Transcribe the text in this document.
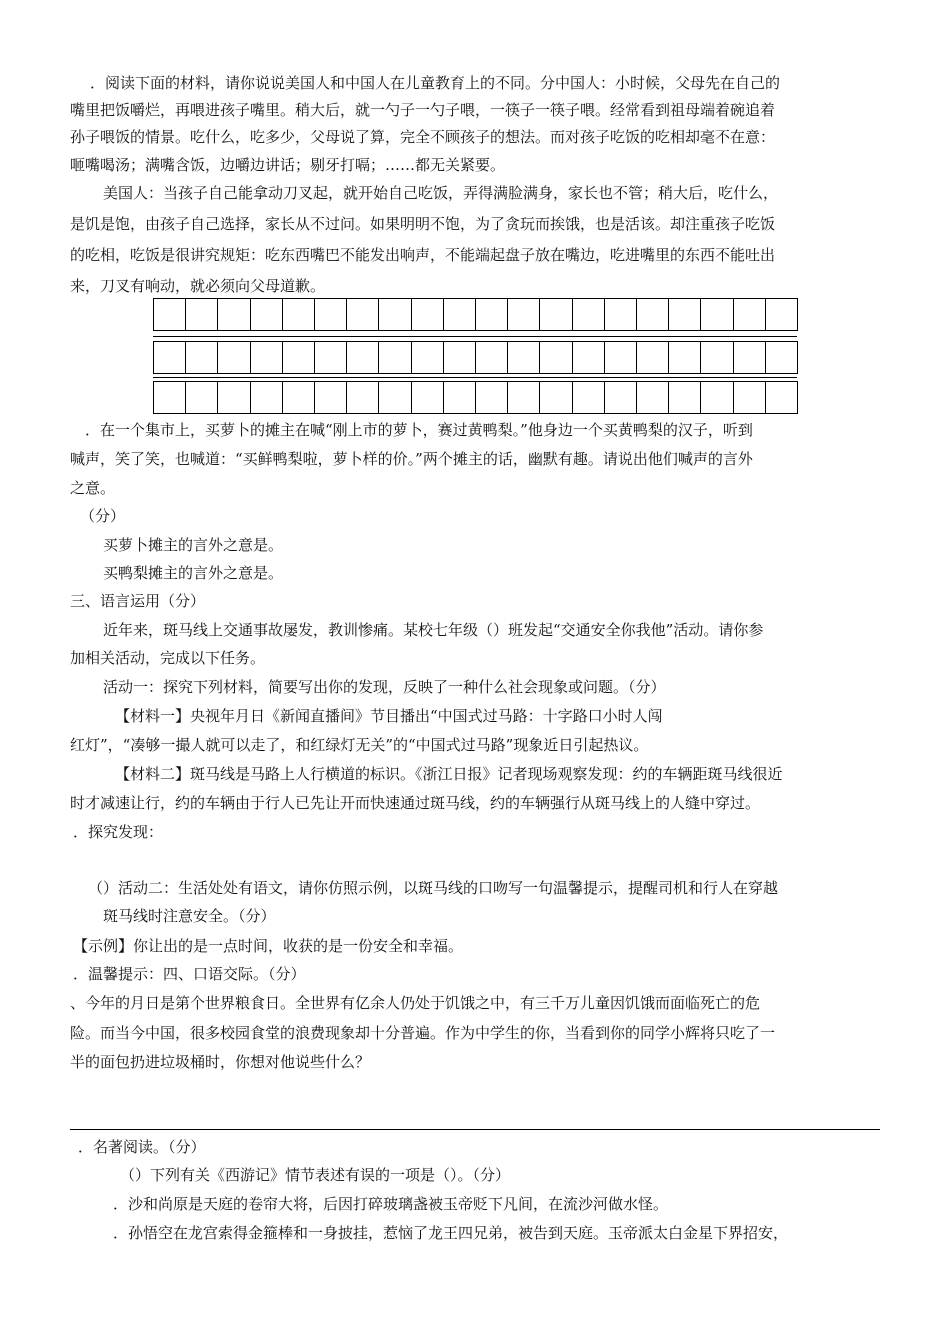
．阅读下面的材料，请你说说美国人和中国人在儿童教育上的不同。分中国人：小时候，父母先在自己的
嘴里把饭嚼烂，再喂进孩子嘴里。稍大后，就一勺子一勺子喂，一筷子一筷子喂。经常看到祖母端着碗追着
孙子喂饭的情景。吃什么，吃多少，父母说了算，完全不顾孩子的想法。而对孩子吃饭的吃相却毫不在意：
咂嘴喝汤；满嘴含饭，边嚼边讲话；剔牙打嗝；……都无关紧要。
美国人：当孩子自己能拿动刀叉起，就开始自己吃饭，弄得满脸满身，家长也不管；稍大后，吃什么，
是饥是饱，由孩子自己选择，家长从不过问。如果明明不饱，为了贪玩而挨饿，也是活该。却注重孩子吃饭
的吃相，吃饭是很讲究规矩：吃东西嘴巴不能发出响声，不能端起盘子放在嘴边，吃进嘴里的东西不能吐出
来，刀叉有响动，就必须向父母道歉。
．在一个集市上，买萝卜的摊主在喊“刚上市的萝卜，赛过黄鸭梨。”他身边一个买黄鸭梨的汉子，听到
喊声，笑了笑，也喊道：“买鲜鸭梨啦，萝卜样的价。”两个摊主的话，幽默有趣。请说出他们喊声的言外
之意。
（分）
买萝卜摊主的言外之意是。
买鸭梨摊主的言外之意是。
三、语言运用（分）
近年来，斑马线上交通事故屡发，教训惨痛。某校七年级（）班发起“交通安全你我他”活动。请你参
加相关活动，完成以下任务。
活动一：探究下列材料，简要写出你的发现，反映了一种什么社会现象或问题。（分）
【材料一】央视年月日《新闻直播间》节目播出“中国式过马路：十字路口小时人闯
红灯”，“凑够一撮人就可以走了，和红绿灯无关”的“中国式过马路”现象近日引起热议。
【材料二】斑马线是马路上人行横道的标识。《浙江日报》记者现场观察发现：约的车辆距斑马线很近
时才减速让行，约的车辆由于行人已先让开而快速通过斑马线，约的车辆强行从斑马线上的人缝中穿过。
．探究发现：
（）活动二：生活处处有语文，请你仿照示例，以斑马线的口吻写一句温馨提示，提醒司机和行人在穿越
斑马线时注意安全。（分）
【示例】你让出的是一点时间，收获的是一份安全和幸福。
．温馨提示：四、口语交际。（分）
、今年的月日是第个世界粮食日。全世界有亿余人仍处于饥饿之中，有三千万儿童因饥饿而面临死亡的危
险。而当今中国，很多校园食堂的浪费现象却十分普遍。作为中学生的你，当看到你的同学小辉将只吃了一
半的面包扔进垃圾桶时，你想对他说些什么？
．名著阅读。（分）
（）下列有关《西游记》情节表述有误的一项是（）。（分）
．沙和尚原是天庭的卷帘大将，后因打碎玻璃盏被玉帝贬下凡间，在流沙河做水怪。
．孙悟空在龙宫索得金箍棒和一身披挂，惹恼了龙王四兄弟，被告到天庭。玉帝派太白金星下界招安，
